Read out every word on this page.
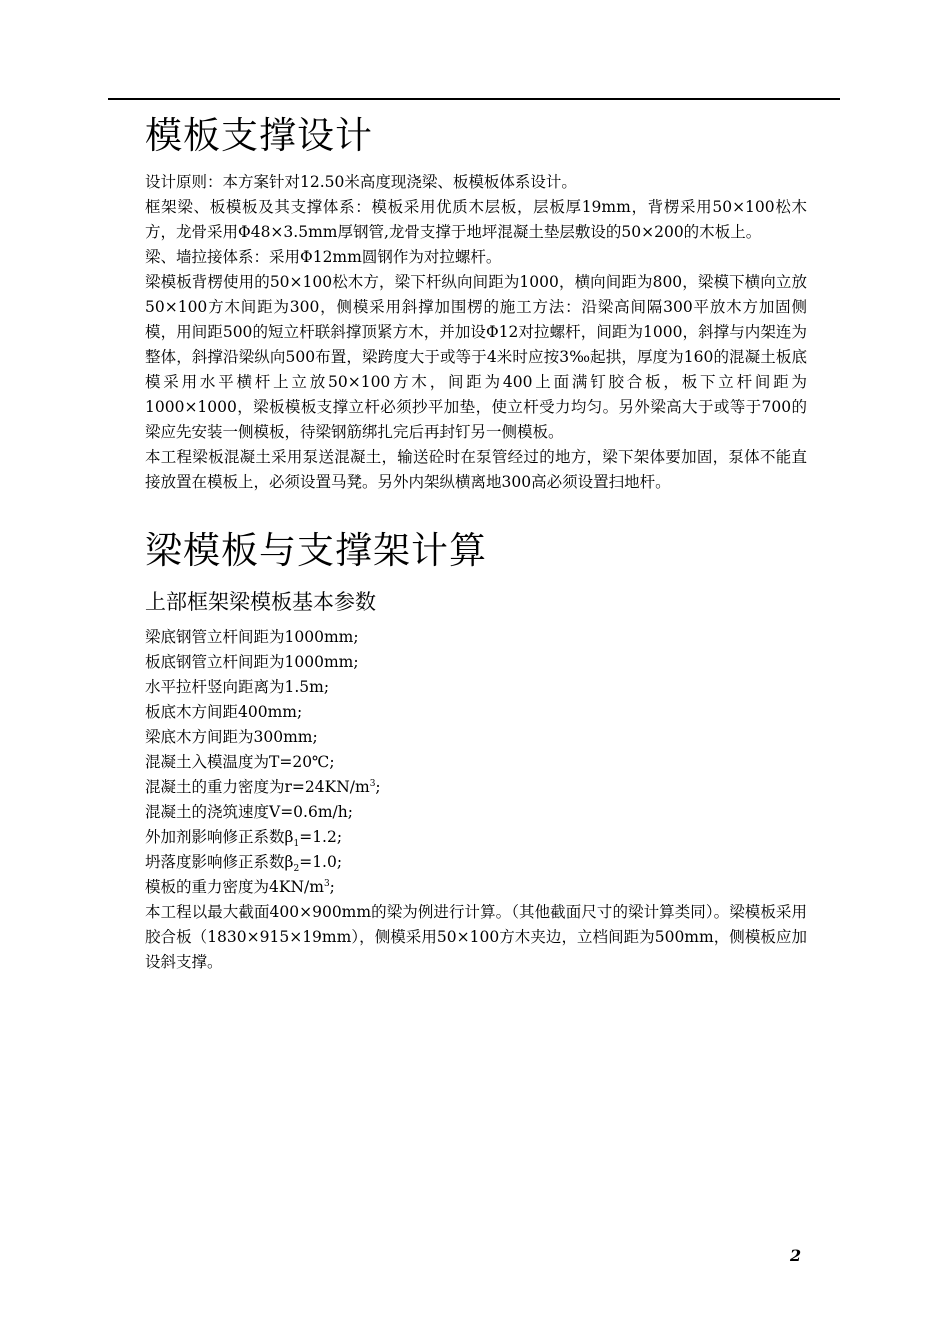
模板支撑设计

设计原则：本方案针对12.50米高度现浇梁、板模板体系设计。

框架梁、板模板及其支撑体系：模板采用优质木层板，层板厚19mm，背楞采用50×100松木方，龙骨采用Φ48×3.5mm厚钢管,龙骨支撑于地坪混凝土垫层敷设的50×200的木板上。

梁、墙拉接体系：采用Φ12mm圆钢作为对拉螺杆。

梁模板背楞使用的50×100松木方，梁下杆纵向间距为1000，横向间距为800，梁模下横向立放50×100方木间距为300，侧模采用斜撑加围楞的施工方法：沿梁高间隔300平放木方加固侧模，用间距500的短立杆联斜撑顶紧方木，并加设Φ12对拉螺杆，间距为1000，斜撑与内架连为整体，斜撑沿梁纵向500布置，梁跨度大于或等于4米时应按3‰起拱，厚度为160的混凝土板底模采用水平横杆上立放50×100方木，间距为400上面满钉胶合板，板下立杆间距为1000×1000，梁板模板支撑立杆必须抄平加垫，使立杆受力均匀。另外梁高大于或等于700的梁应先安装一侧模板，待梁钢筋绑扎完后再封钉另一侧模板。

本工程梁板混凝土采用泵送混凝土，输送砼时在泵管经过的地方，梁下架体要加固，泵体不能直接放置在模板上，必须设置马凳。另外内架纵横离地300高必须设置扫地杆。

梁模板与支撑架计算
上部框架梁模板基本参数

梁底钢管立杆间距为1000mm;

板底钢管立杆间距为1000mm;

水平拉杆竖向距离为1.5m;

板底木方间距400mm;

梁底木方间距为300mm;

混凝土入模温度为T=20℃;

混凝土的重力密度为$r=24KN/m^3$;

混凝土的浇筑速度V=0.6m/h;

外加剂影响修正系数$\beta_1=1.2$;

坍落度影响修正系数$\beta_2=1.0$;

模板的重力密度为$4KN/m^3$;

本工程以最大截面400×900mm的梁为例进行计算。（其他截面尺寸的梁计算类同）。梁模板采用胶合板（1830×915×19mm），侧模采用50×100方木夹边，立档间距为500mm，侧模板应加设斜支撑。

2
